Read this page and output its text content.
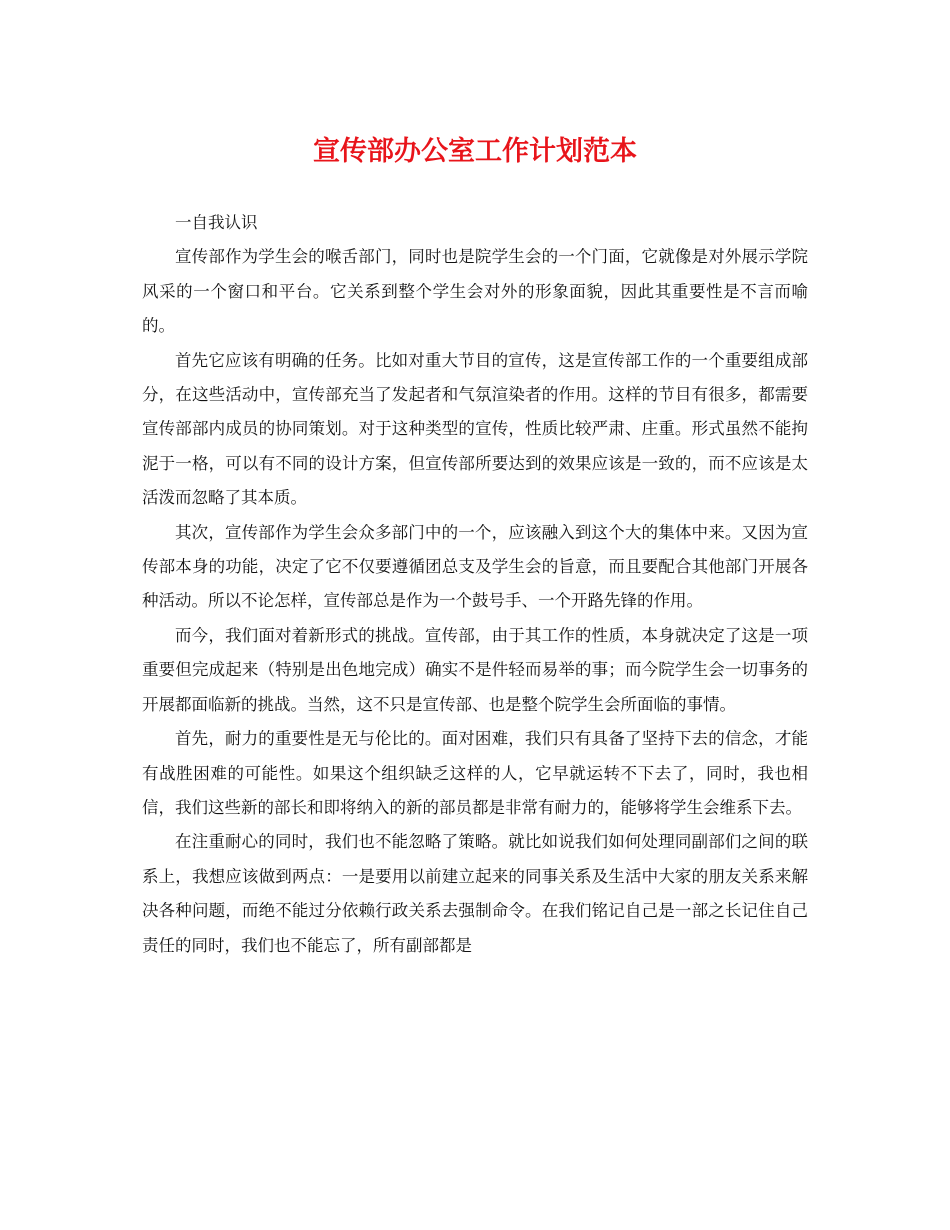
宣传部办公室工作计划范本

一自我认识

宣传部作为学生会的喉舌部门，同时也是院学生会的一个门面，它就像是对外展示学院风采的一个窗口和平台。它关系到整个学生会对外的形象面貌，因此其重要性是不言而喻的。

首先它应该有明确的任务。比如对重大节目的宣传，这是宣传部工作的一个重要组成部分，在这些活动中，宣传部充当了发起者和气氛渲染者的作用。这样的节目有很多，都需要宣传部部内成员的协同策划。对于这种类型的宣传，性质比较严肃、庄重。形式虽然不能拘泥于一格，可以有不同的设计方案，但宣传部所要达到的效果应该是一致的，而不应该是太活泼而忽略了其本质。

其次，宣传部作为学生会众多部门中的一个，应该融入到这个大的集体中来。又因为宣传部本身的功能，决定了它不仅要遵循团总支及学生会的旨意，而且要配合其他部门开展各种活动。所以不论怎样，宣传部总是作为一个鼓号手、一个开路先锋的作用。

而今，我们面对着新形式的挑战。宣传部，由于其工作的性质，本身就决定了这是一项重要但完成起来（特别是出色地完成）确实不是件轻而易举的事；而今院学生会一切事务的开展都面临新的挑战。当然，这不只是宣传部、也是整个院学生会所面临的事情。

首先，耐力的重要性是无与伦比的。面对困难，我们只有具备了坚持下去的信念，才能有战胜困难的可能性。如果这个组织缺乏这样的人，它早就运转不下去了，同时，我也相信，我们这些新的部长和即将纳入的新的部员都是非常有耐力的，能够将学生会维系下去。

在注重耐心的同时，我们也不能忽略了策略。就比如说我们如何处理同副部们之间的联系上，我想应该做到两点：一是要用以前建立起来的同事关系及生活中大家的朋友关系来解决各种问题，而绝不能过分依赖行政关系去强制命令。在我们铭记自己是一部之长记住自己责任的同时，我们也不能忘了，所有副部都是
